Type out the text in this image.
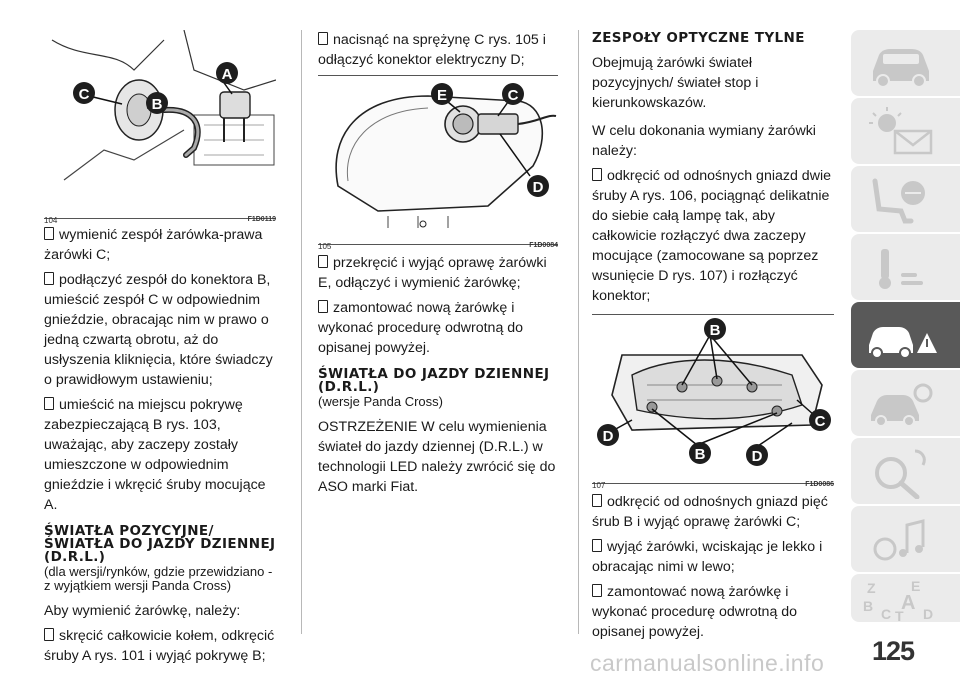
A
B
C
104	F1D0119

wymienić zespół żarówka-prawa żarówki C;

podłączyć zespół do konektora B, umieścić zespół C w odpowiednim gnieździe, obracając nim w prawo o jedną czwartą obrotu, aż do usłyszenia kliknięcia, które świadczy o prawidłowym ustawieniu;

umieścić na miejscu pokrywę zabezpieczającą B rys. 103, uważając, aby zaczepy zostały umieszczone w odpowiednim gnieździe i wkręcić śruby mocujące A.

ŚWIATŁA POZYCYJNE/ ŚWIATŁA DO JAZDY DZIENNEJ (D.R.L.)
(dla wersji/rynków, gdzie przewidziano - z wyjątkiem wersji Panda Cross)

Aby wymienić żarówkę, należy:

skręcić całkowicie kołem, odkręcić śruby A rys. 101 i wyjąć pokrywę B;

nacisnąć na sprężynę C rys. 105 i odłączyć konektor elektryczny D;

E	C
D
105	F1D0084

przekręcić i wyjąć oprawę żarówki E, odłączyć i wymienić żarówkę;

zamontować nową żarówkę i wykonać procedurę odwrotną do opisanej powyżej.

ŚWIATŁA DO JAZDY DZIENNEJ (D.R.L.)
(wersje Panda Cross)

OSTRZEŻENIE W celu wymienienia świateł do jazdy dziennej (D.R.L.) w technologii LED należy zwrócić się do ASO marki Fiat.

ZESPOŁY OPTYCZNE TYLNE

Obejmują żarówki świateł pozycyjnych/ świateł stop i kierunkowskazów.

W celu dokonania wymiany żarówki należy:

odkręcić od odnośnych gniazd dwie śruby A rys. 106, pociągnąć delikatnie do siebie całą lampę tak, aby całkowicie rozłączyć dwa zaczepy mocujące (zamocowane są poprzez wsunięcie D rys. 107) i rozłączyć konektor;

B
D
B	D
C
107	F1D0086

odkręcić od odnośnych gniazd pięć śrub B i wyjąć oprawę żarówki C;

wyjąć żarówki, wciskając je lekko i obracając nimi w lewo;

zamontować nową żarówkę i wykonać procedurę odwrotną do opisanej powyżej.

Z	E
B C A
T D
125
carmanualsonline.info
